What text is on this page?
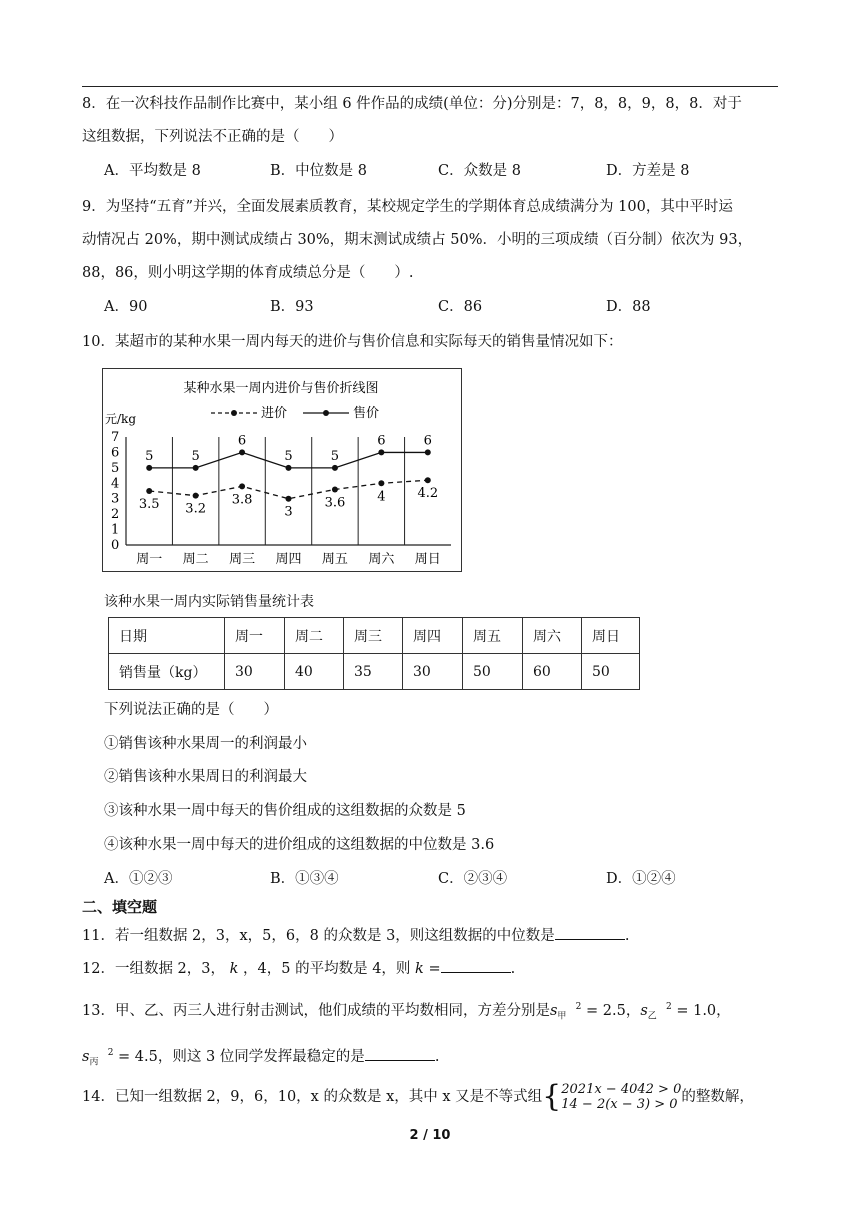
8．在一次科技作品制作比赛中，某小组 6 件作品的成绩(单位：分)分别是：7，8，8，9，8，8．对于
这组数据，下列说法不正确的是（　　）
A．平均数是 8	B．中位数是 8	C．众数是 8	D．方差是 8
9．为坚持“五育”并兴，全面发展素质教育，某校规定学生的学期体育总成绩满分为 100，其中平时运
动情况占 20%，期中测试成绩占 30%，期末测试成绩占 50%．小明的三项成绩（百分制）依次为 93，
88，86，则小明这学期的体育成绩总分是（　　）.
A．90	B．93	C．86	D．88
10．某超市的某种水果一周内每天的进价与售价信息和实际每天的销售量情况如下：
某种水果一周内进价与售价折线图
元/kg	进价	售价
0
1
2
3
4
5
6
7
周一 周二 周三 周四 周五 周六 周日
3.5 3.2
3.8
3
3.6 4 4.2
5	5
6
5	5
6	6
该种水果一周内实际销售量统计表
日期	周一	周二	周三	周四	周五	周六	周日
销售量（kg）	30	40	35	30	50	60	50
下列说法正确的是（　　）
①销售该种水果周一的利润最小
②销售该种水果周日的利润最大
③该种水果一周中每天的售价组成的这组数据的众数是 5
④该种水果一周中每天的进价组成的这组数据的中位数是 3.6
A．①②③	B．①③④	C．②③④	D．①②④
二、填空题
11．若一组数据 2，3，x，5，6，8 的众数是 3，则这组数据的中位数是	.
12．一组数据 2，3， k ，4，5 的平均数是 4，则 k =	.
13．甲、乙、丙三人进行射击测试，他们成绩的平均数相同，方差分别是$s_甲$  $^2$ = 2.5，$s_乙$  $^2$ = 1.0，
$s_丙$  $^2$ = 4.5，则这 3 位同学发挥最稳定的是	.
14．已知一组数据 2，9，6，10，x 的众数是 x，其中 x 又是不等式组{2021x − 4042 > 0
14 − 2(x − 3) > 0 的整数解，
2 / 10
